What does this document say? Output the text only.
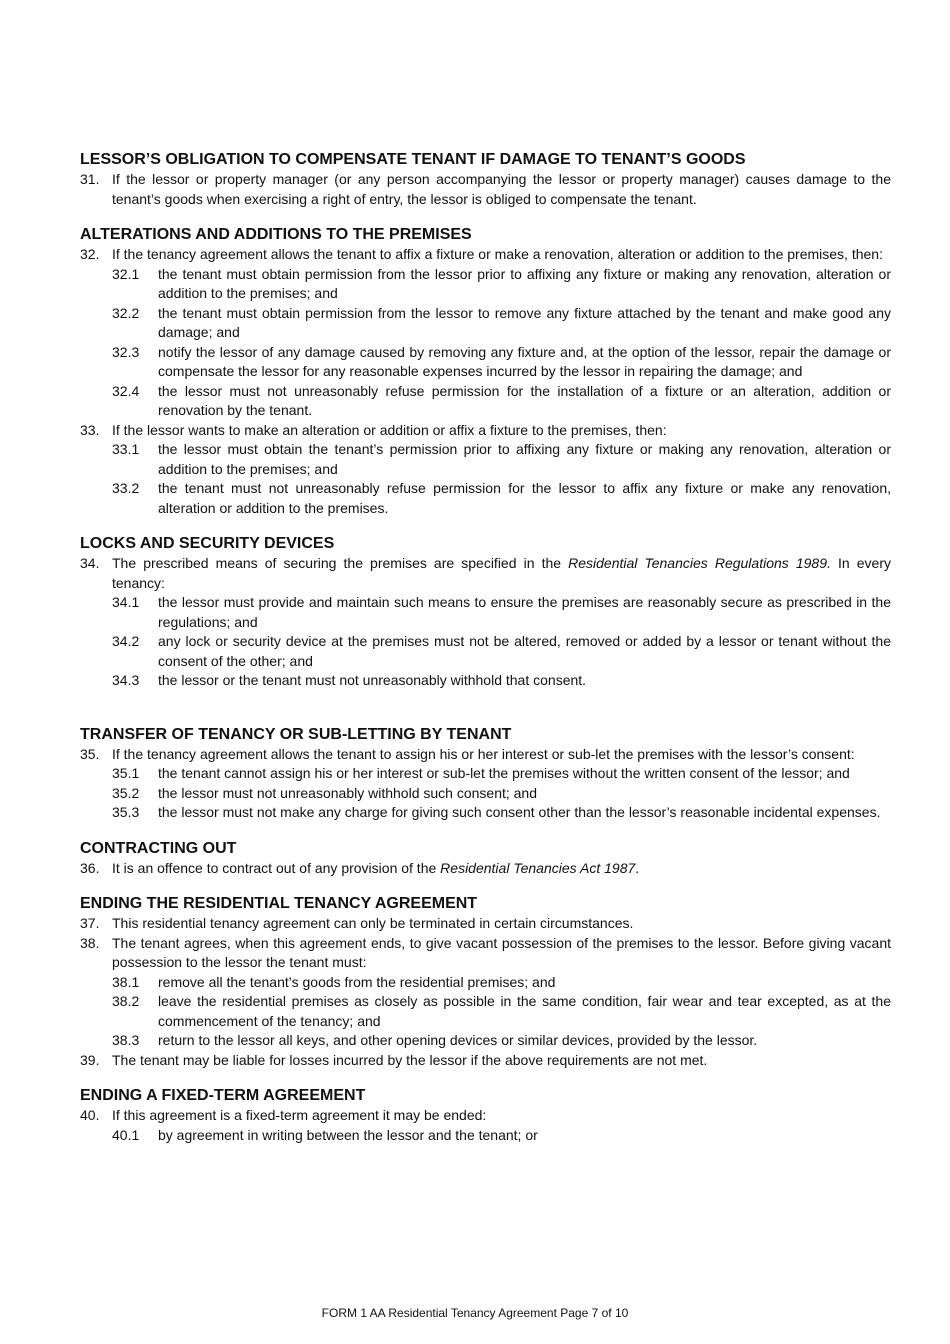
LESSOR’S OBLIGATION TO COMPENSATE TENANT IF DAMAGE TO TENANT’S GOODS
31. If the lessor or property manager (or any person accompanying the lessor or property manager) causes damage to the tenant’s goods when exercising a right of entry, the lessor is obliged to compensate the tenant.
ALTERATIONS AND ADDITIONS TO THE PREMISES
32. If the tenancy agreement allows the tenant to affix a fixture or make a renovation, alteration or addition to the premises, then:
32.1 the tenant must obtain permission from the lessor prior to affixing any fixture or making any renovation, alteration or addition to the premises; and
32.2 the tenant must obtain permission from the lessor to remove any fixture attached by the tenant and make good any damage; and
32.3 notify the lessor of any damage caused by removing any fixture and, at the option of the lessor, repair the damage or compensate the lessor for any reasonable expenses incurred by the lessor in repairing the damage; and
32.4 the lessor must not unreasonably refuse permission for the installation of a fixture or an alteration, addition or renovation by the tenant.
33. If the lessor wants to make an alteration or addition or affix a fixture to the premises, then:
33.1 the lessor must obtain the tenant’s permission prior to affixing any fixture or making any renovation, alteration or addition to the premises; and
33.2 the tenant must not unreasonably refuse permission for the lessor to affix any fixture or make any renovation, alteration or addition to the premises.
LOCKS AND SECURITY DEVICES
34. The prescribed means of securing the premises are specified in the Residential Tenancies Regulations 1989. In every tenancy:
34.1 the lessor must provide and maintain such means to ensure the premises are reasonably secure as prescribed in the regulations; and
34.2 any lock or security device at the premises must not be altered, removed or added by a lessor or tenant without the consent of the other; and
34.3 the lessor or the tenant must not unreasonably withhold that consent.
TRANSFER OF TENANCY OR SUB-LETTING BY TENANT
35. If the tenancy agreement allows the tenant to assign his or her interest or sub-let the premises with the lessor’s consent:
35.1 the tenant cannot assign his or her interest or sub-let the premises without the written consent of the lessor; and
35.2 the lessor must not unreasonably withhold such consent; and
35.3 the lessor must not make any charge for giving such consent other than the lessor’s reasonable incidental expenses.
CONTRACTING OUT
36. It is an offence to contract out of any provision of the Residential Tenancies Act 1987.
ENDING THE RESIDENTIAL TENANCY AGREEMENT
37. This residential tenancy agreement can only be terminated in certain circumstances.
38. The tenant agrees, when this agreement ends, to give vacant possession of the premises to the lessor. Before giving vacant possession to the lessor the tenant must:
38.1 remove all the tenant’s goods from the residential premises; and
38.2 leave the residential premises as closely as possible in the same condition, fair wear and tear excepted, as at the commencement of the tenancy; and
38.3 return to the lessor all keys, and other opening devices or similar devices, provided by the lessor.
39. The tenant may be liable for losses incurred by the lessor if the above requirements are not met.
ENDING A FIXED-TERM AGREEMENT
40. If this agreement is a fixed-term agreement it may be ended:
40.1 by agreement in writing between the lessor and the tenant; or
FORM 1 AA Residential Tenancy Agreement Page 7 of 10
